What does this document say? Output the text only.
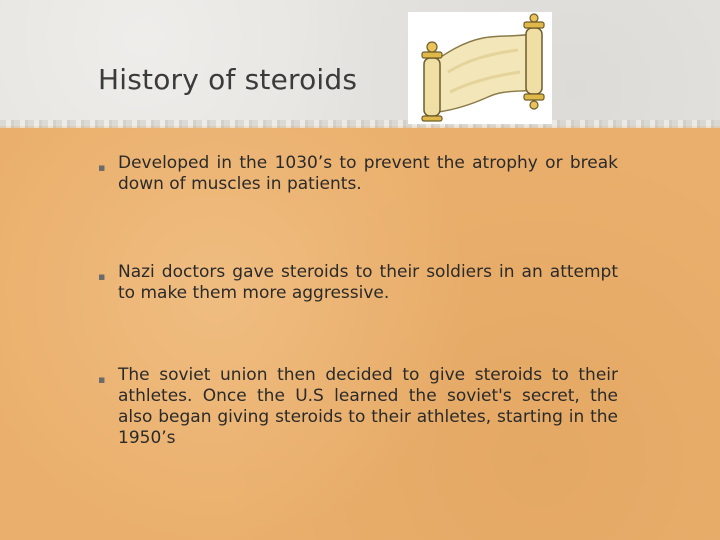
History of steroids
▪ Developed in the 1030’s to prevent the atrophy or break down of muscles in patients.
▪ Nazi doctors gave steroids to their soldiers in an attempt to make them more aggressive.
▪ The soviet union then decided to give steroids to their athletes. Once the U.S learned the soviet's secret, the also began giving steroids to their athletes, starting in the 1950’s
